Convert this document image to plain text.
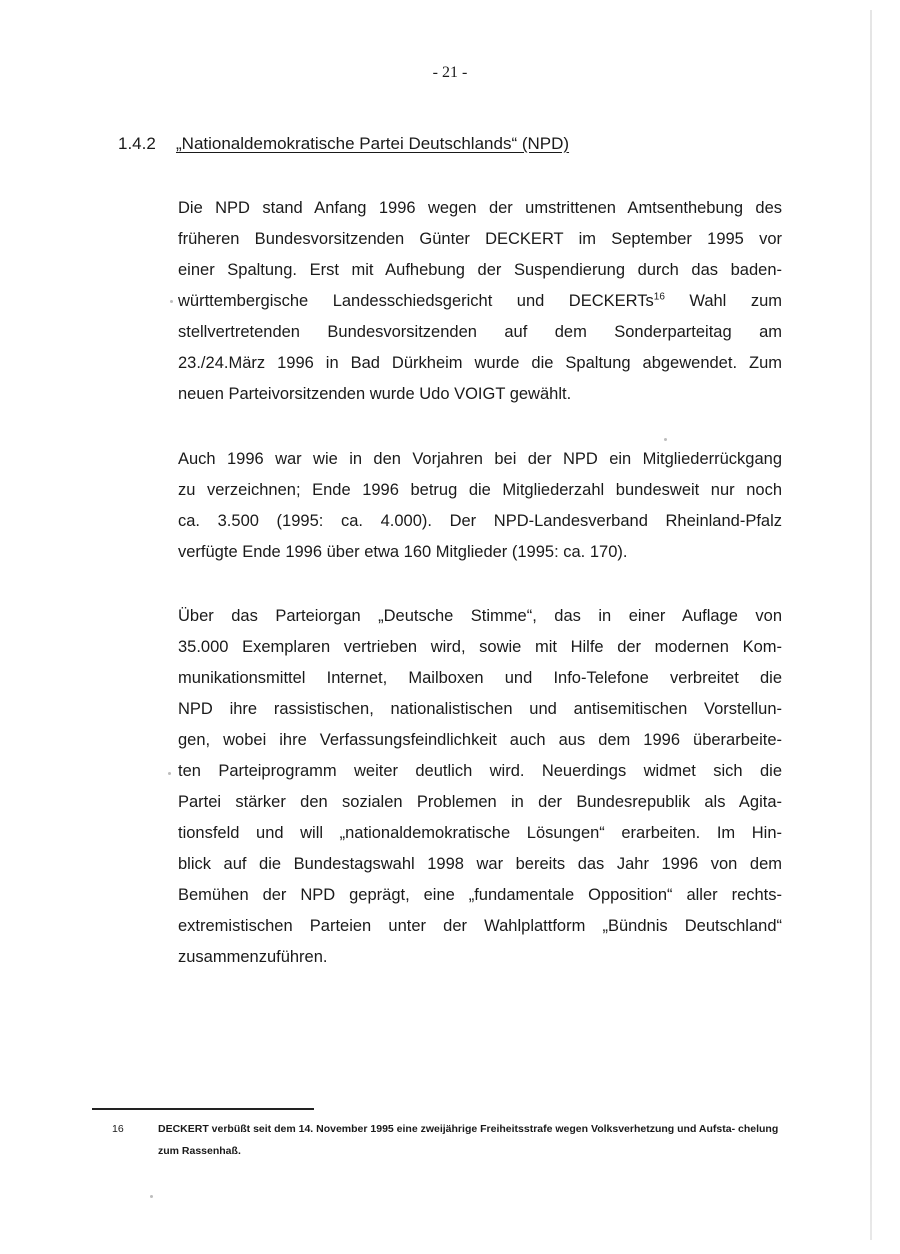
- 21 -
1.4.2	„Nationaldemokratische Partei Deutschlands“ (NPD)
Die NPD stand Anfang 1996 wegen der umstrittenen Amtsenthebung des
früheren Bundesvorsitzenden Günter DECKERT im September 1995 vor
einer Spaltung. Erst mit Aufhebung der Suspendierung durch das baden-
württembergische Landesschiedsgericht und DECKERTs$^{16}$ Wahl zum
stellvertretenden Bundesvorsitzenden auf dem Sonderparteitag am
23./24.März 1996 in Bad Dürkheim wurde die Spaltung abgewendet. Zum
neuen Parteivorsitzenden wurde Udo VOIGT gewählt.
Auch 1996 war wie in den Vorjahren bei der NPD ein Mitgliederrückgang
zu verzeichnen; Ende 1996 betrug die Mitgliederzahl bundesweit nur noch
ca. 3.500 (1995: ca. 4.000). Der NPD-Landesverband Rheinland-Pfalz
verfügte Ende 1996 über etwa 160 Mitglieder (1995: ca. 170).
Über das Parteiorgan „Deutsche Stimme“, das in einer Auflage von
35.000 Exemplaren vertrieben wird, sowie mit Hilfe der modernen Kom-
munikationsmittel Internet, Mailboxen und Info-Telefone verbreitet die
NPD ihre rassistischen, nationalistischen und antisemitischen Vorstellun-
gen, wobei ihre Verfassungsfeindlichkeit auch aus dem 1996 überarbeite-
ten Parteiprogramm weiter deutlich wird. Neuerdings widmet sich die
Partei stärker den sozialen Problemen in der Bundesrepublik als Agita-
tionsfeld und will „nationaldemokratische Lösungen“ erarbeiten. Im Hin-
blick auf die Bundestagswahl 1998 war bereits das Jahr 1996 von dem
Bemühen der NPD geprägt, eine „fundamentale Opposition“ aller rechts-
extremistischen Parteien unter der Wahlplattform „Bündnis Deutschland“
zusammenzuführen.
16	DECKERT verbüßt seit dem 14. November 1995 eine zweijährige Freiheitsstrafe wegen Volksverhetzung und Aufsta- chelung zum Rassenhaß.
